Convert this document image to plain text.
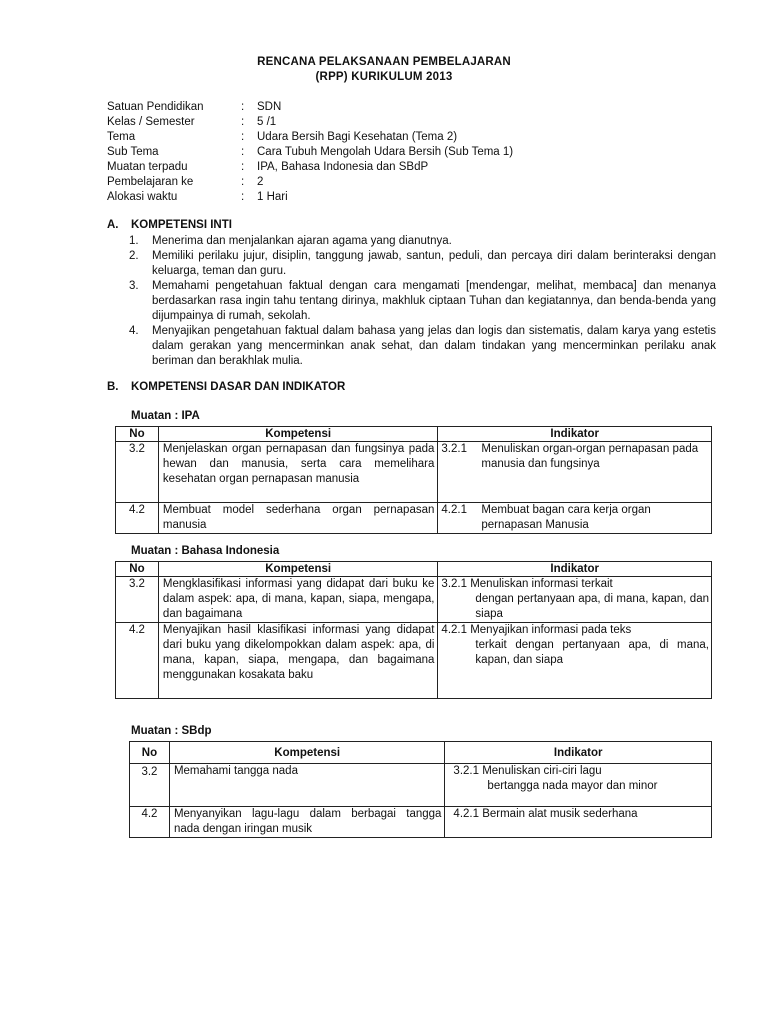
RENCANA PELAKSANAAN PEMBELAJARAN
(RPP) KURIKULUM 2013
Satuan Pendidikan	: SDN
Kelas / Semester	: 5 /1
Tema	: Udara Bersih Bagi Kesehatan (Tema 2)
Sub Tema	: Cara Tubuh Mengolah Udara Bersih (Sub Tema 1)
Muatan terpadu	: IPA, Bahasa Indonesia dan SBdP
Pembelajaran ke	: 2
Alokasi waktu	: 1 Hari
A. KOMPETENSI INTI
1. Menerima dan menjalankan ajaran agama yang dianutnya.
2. Memiliki perilaku jujur, disiplin, tanggung jawab, santun, peduli, dan percaya diri dalam berinteraksi dengan keluarga, teman dan guru.
3. Memahami pengetahuan faktual dengan cara mengamati [mendengar, melihat, membaca] dan menanya berdasarkan rasa ingin tahu tentang dirinya, makhluk ciptaan Tuhan dan kegiatannya, dan benda-benda yang dijumpainya di rumah, sekolah.
4. Menyajikan pengetahuan faktual dalam bahasa yang jelas dan logis dan sistematis, dalam karya yang estetis dalam gerakan yang mencerminkan anak sehat, dan dalam tindakan yang mencerminkan perilaku anak beriman dan berakhlak mulia.
B. KOMPETENSI DASAR DAN INDIKATOR
Muatan : IPA
No	Kompetensi	Indikator
3.2	Menjelaskan organ pernapasan dan fungsinya pada hewan dan manusia, serta cara memelihara kesehatan organ pernapasan manusia	3.2.1 Menuliskan organ-organ pernapasan pada manusia dan fungsinya

4.2	Membuat model sederhana organ pernapasan manusia	4.2.1 Membuat bagan cara kerja organ pernapasan Manusia
Muatan : Bahasa Indonesia
No	Kompetensi	Indikator
3.2	Mengklasifikasi informasi yang didapat dari buku ke dalam aspek: apa, di mana, kapan, siapa, mengapa, dan bagaimana	3.2.1 Menuliskan informasi terkait
dengan pertanyaan apa, di mana, kapan, dan siapa

4.2	Menyajikan hasil klasifikasi informasi yang didapat dari buku yang dikelompokkan dalam aspek: apa, di mana, kapan, siapa, mengapa, dan bagaimana menggunakan kosakata baku	4.2.1 Menyajikan informasi pada teks
terkait dengan pertanyaan apa, di mana, kapan, dan siapa
Muatan : SBdp
No	Kompetensi	Indikator
3.2	Memahami tangga nada	3.2.1 Menuliskan ciri-ciri lagu
bertangga nada mayor dan minor

4.2	Menyanyikan lagu-lagu dalam berbagai tangga nada dengan iringan musik	4.2.1 Bermain alat musik sederhana
